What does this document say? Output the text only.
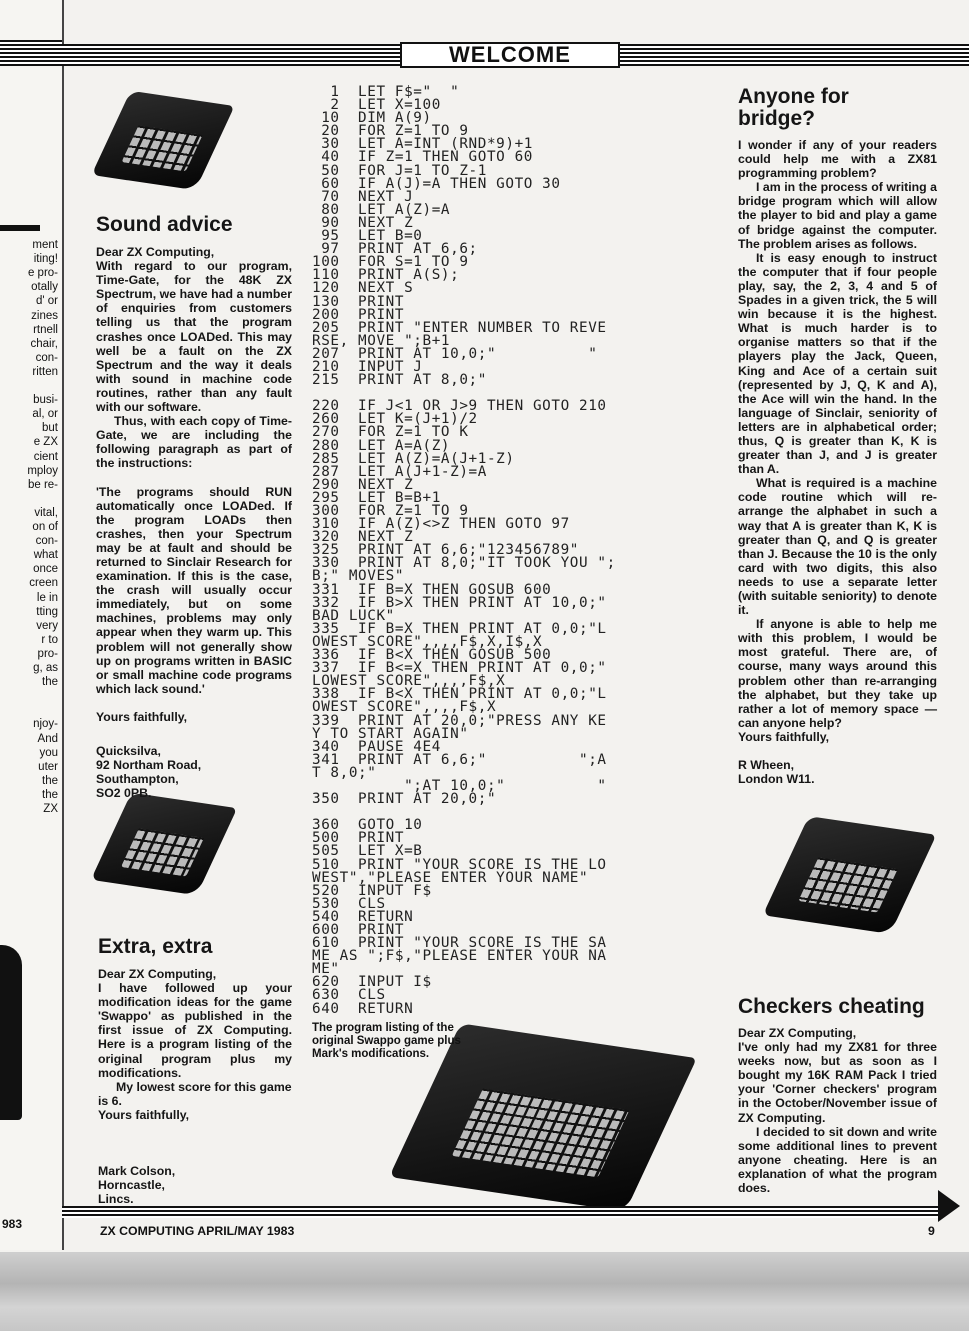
ment
iting!
e pro-
otally
d' or
zines
rtnell
chair,
con-
ritten
busi-
al, or
but
e ZX
cient
mploy
be re-
vital,
on of
con-
what
once
creen
le in
tting
very
r to
pro-
g, as
the
njoy-
And
you
uter
the
the
ZX
983
WELCOME

Sound advice

Dear ZX Computing,

With regard to our program, Time-Gate, for the 48K ZX Spectrum, we have had a number of enquiries from customers telling us that the program crashes once LOADed. This may well be a fault on the ZX Spectrum and the way it deals with sound in machine code routines, rather than any fault with our software.

Thus, with each copy of Time-Gate, we are including the following paragraph as part of the instructions:

'The programs should RUN automatically once LOADed. If the program LOADs then crashes, then your Spectrum may be at fault and should be returned to Sinclair Research for examination. If this is the case, the crash will usually occur immediately, but on some machines, problems may only appear when they warm up. This problem will not generally show up on programs written in BASIC or small machine code programs which lack sound.'

Yours faithfully,

Quicksilva,

92 Northam Road,

Southampton,

SO2 0PB.

Extra, extra

Dear ZX Computing,

I have followed up your modification ideas for the game 'Swappo' as published in the first issue of ZX Computing. Here is a program listing of the original program plus my modifications.

My lowest score for this game is 6.

Yours faithfully,

Mark Colson,

Horncastle,

Lincs.

1  LET F$="  "
2  LET X=100
10  DIM A(9)
20  FOR Z=1 TO 9
30  LET A=INT (RND*9)+1
40  IF Z=1 THEN GOTO 60
50  FOR J=1 TO Z-1
60  IF A(J)=A THEN GOTO 30
70  NEXT J
80  LET A(Z)=A
90  NEXT Z
95  LET B=0
97  PRINT AT 6,6;
100  FOR S=1 TO 9
110  PRINT A(S);
120  NEXT S
130  PRINT
200  PRINT
205  PRINT "ENTER NUMBER TO REVE
RSE, MOVE ";B+1
207  PRINT AT 10,0;"          "
210  INPUT J
215  PRINT AT 8,0;"

220  IF J<1 OR J>9 THEN GOTO 210
260  LET K=(J+1)/2
270  FOR Z=1 TO K
280  LET A=A(Z)
285  LET A(Z)=A(J+1-Z)
287  LET A(J+1-Z)=A
290  NEXT Z
295  LET B=B+1
300  FOR Z=1 TO 9
310  IF A(Z)<>Z THEN GOTO 97
320  NEXT Z
325  PRINT AT 6,6;"123456789"
330  PRINT AT 8,0;"IT TOOK YOU ";
B;" MOVES"
331  IF B=X THEN GOSUB 600
332  IF B>X THEN PRINT AT 10,0;"
BAD LUCK"
335  IF B=X THEN PRINT AT 0,0;"L
OWEST SCORE",,,,F$,X,I$,X
336  IF B<X THEN GOSUB 500
337  IF B<=X THEN PRINT AT 0,0;"
LOWEST SCORE",,,,F$,X
338  IF B<X THEN PRINT AT 0,0;"L
OWEST SCORE",,,,F$,X
339  PRINT AT 20,0;"PRESS ANY KE
Y TO START AGAIN"
340  PAUSE 4E4
341  PRINT AT 6,6;"          ";A
T 8,0;"
";AT 10,0;"          "
350  PRINT AT 20,0;"

360  GOTO 10
500  PRINT
505  LET X=B
510  PRINT "YOUR SCORE IS THE LO
WEST","PLEASE ENTER YOUR NAME"
520  INPUT F$
530  CLS
540  RETURN
600  PRINT
610  PRINT "YOUR SCORE IS THE SA
ME AS ";F$,"PLEASE ENTER YOUR NA
ME"
620  INPUT I$
630  CLS
640  RETURN
The program listing of the original Swappo game plus Mark's modifications.

Anyone for

bridge?

I wonder if any of your readers could help me with a ZX81 programming problem?

I am in the process of writing a bridge program which will allow the player to bid and play a game of bridge against the computer. The problem arises as follows.

It is easy enough to instruct the computer that if four people play, say, the 2, 3, 4 and 5 of Spades in a given trick, the 5 will win because it is the highest. What is much harder is to organise matters so that if the players play the Jack, Queen, King and Ace of a certain suit (represented by J, Q, K and A), the Ace will win the hand. In the language of Sinclair, seniority of letters are in alphabetical order; thus, Q is greater than K, K is greater than J, and J is greater than A.

What is required is a machine code routine which will re-arrange the alphabet in such a way that A is greater than K, K is greater than Q, and Q is greater than J. Because the 10 is the only card with two digits, this also needs to use a separate letter (with suitable seniority) to denote it.

If anyone is able to help me with this problem, I would be most grateful. There are, of course, many ways around this problem other than re-arranging the alphabet, but they take up rather a lot of memory space — can anyone help?

Yours faithfully,

R Wheen,

London W11.

Checkers cheating

Dear ZX Computing,

I've only had my ZX81 for three weeks now, but as soon as I bought my 16K RAM Pack I tried your 'Corner checkers' program in the October/November issue of ZX Computing.

I decided to sit down and write some additional lines to prevent anyone cheating. Here is an explanation of what the program does.

ZX COMPUTING APRIL/MAY 1983	9
